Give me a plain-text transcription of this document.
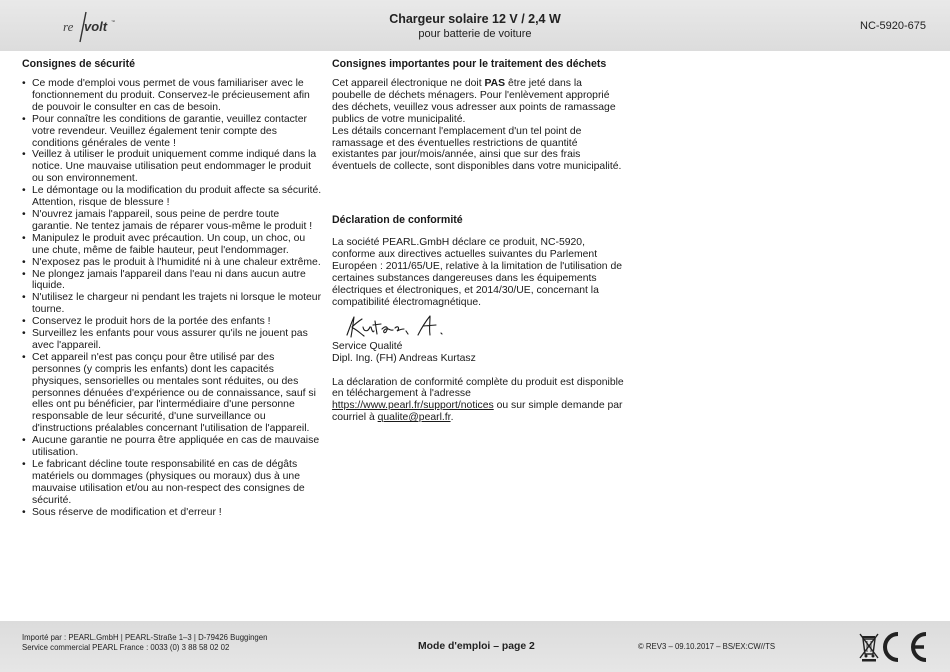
re volt ™	Chargeur solaire 12 V / 2,4 W
pour batterie de voiture
NC-5920-675
Consignes de sécurité
• Ce mode d'emploi vous permet de vous familiariser avec le fonctionnement du produit. Conservez-le précieusement afin de pouvoir le consulter en cas de besoin.
• Pour connaître les conditions de garantie, veuillez contacter votre revendeur. Veuillez également tenir compte des conditions générales de vente !
• Veillez à utiliser le produit uniquement comme indiqué dans la notice. Une mauvaise utilisation peut endommager le produit ou son environnement.
• Le démontage ou la modification du produit affecte sa sécurité. Attention, risque de blessure !
• N'ouvrez jamais l'appareil, sous peine de perdre toute garantie. Ne tentez jamais de réparer vous-même le produit !
• Manipulez le produit avec précaution. Un coup, un choc, ou une chute, même de faible hauteur, peut l'endommager.
• N'exposez pas le produit à l'humidité ni à une chaleur extrême.
• Ne plongez jamais l'appareil dans l'eau ni dans aucun autre liquide.
• N'utilisez le chargeur ni pendant les trajets ni lorsque le moteur tourne.
• Conservez le produit hors de la portée des enfants !
• Surveillez les enfants pour vous assurer qu'ils ne jouent pas avec l'appareil.
• Cet appareil n'est pas conçu pour être utilisé par des personnes (y compris les enfants) dont les capacités physiques, sensorielles ou mentales sont réduites, ou des personnes dénuées d'expérience ou de connaissance, sauf si elles ont pu bénéficier, par l'intermédiaire d'une personne responsable de leur sécurité, d'une surveillance ou d'instructions préalables concernant l'utilisation de l'appareil.
• Aucune garantie ne pourra être appliquée en cas de mauvaise utilisation.
• Le fabricant décline toute responsabilité en cas de dégâts matériels ou dommages (physiques ou moraux) dus à une mauvaise utilisation et/ou au non-respect des consignes de sécurité.
• Sous réserve de modification et d'erreur !
Consignes importantes pour le traitement des déchets
Cet appareil électronique ne doit PAS être jeté dans la poubelle de déchets ménagers. Pour l'enlèvement approprié des déchets, veuillez vous adresser aux points de ramassage publics de votre municipalité.
Les détails concernant l'emplacement d'un tel point de ramassage et des éventuelles restrictions de quantité existantes par jour/mois/année, ainsi que sur des frais éventuels de collecte, sont disponibles dans votre municipalité.
Déclaration de conformité
La société PEARL.GmbH déclare ce produit, NC-5920, conforme aux directives actuelles suivantes du Parlement Européen : 2011/65/UE, relative à la limitation de l'utilisation de certaines substances dangereuses dans les équipements électriques et électroniques, et 2014/30/UE, concernant la compatibilité électromagnétique.
Service Qualité
Dipl. Ing. (FH) Andreas Kurtasz
La déclaration de conformité complète du produit est disponible en téléchargement à l'adresse https://www.pearl.fr/support/notices ou sur simple demande par courriel à qualite@pearl.fr.
Importé par : PEARL.GmbH | PEARL-Straße 1–3 | D-79426 Buggingen
Service commercial PEARL France : 0033 (0) 3 88 58 02 02	Mode d'emploi – page 2	© REV3 – 09.10.2017 – BS/EX:CW//TS
